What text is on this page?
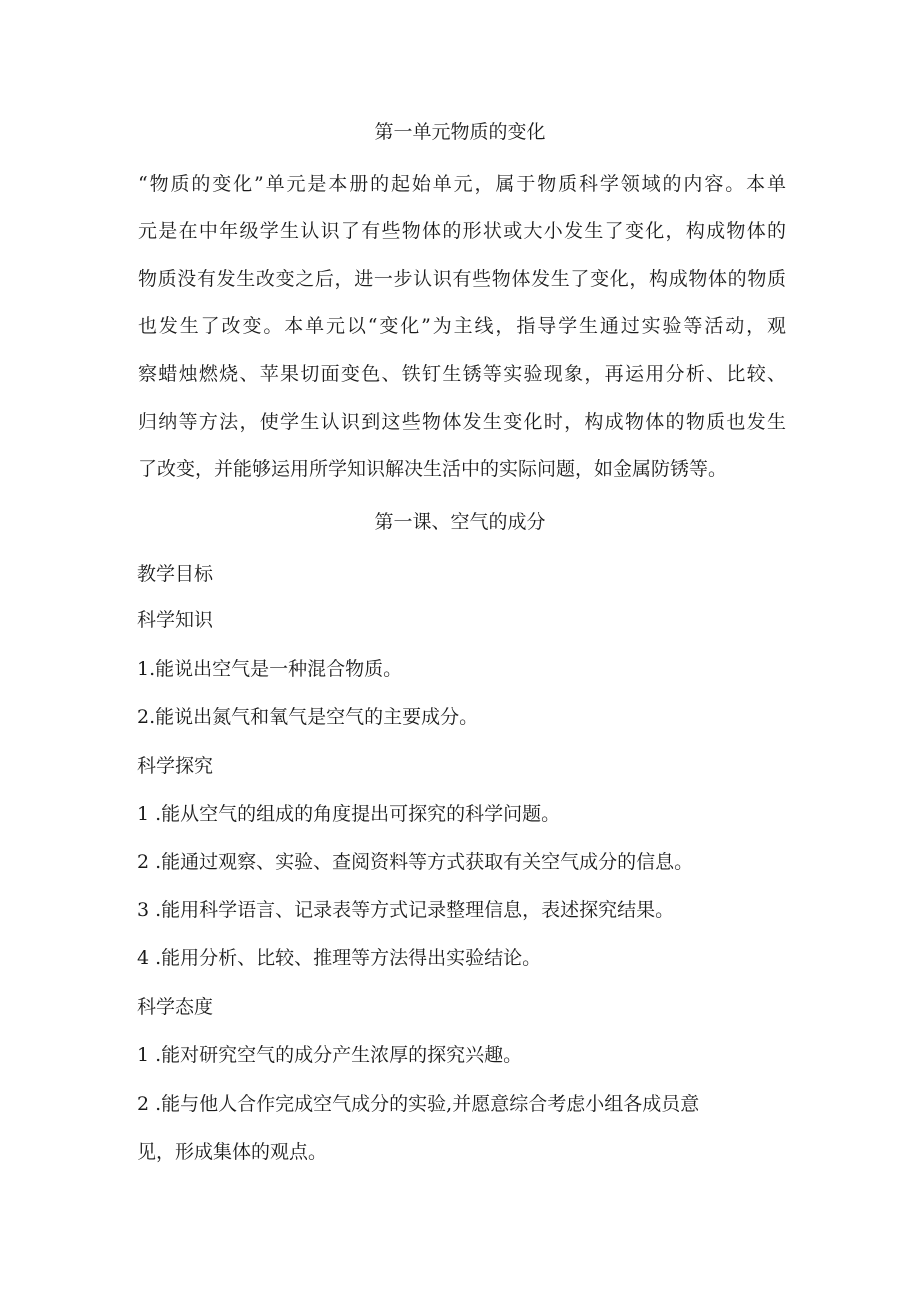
第一单元物质的变化

“物质的变化”单元是本册的起始单元，属于物质科学领域的内容。本单

元是在中年级学生认识了有些物体的形状或大小发生了变化，构成物体的

物质没有发生改变之后，进一步认识有些物体发生了变化，构成物体的物质

也发生了改变。本单元以“变化”为主线，指导学生通过实验等活动，观

察蜡烛燃烧、苹果切面变色、铁钉生锈等实验现象，再运用分析、比较、

归纳等方法，使学生认识到这些物体发生变化时，构成物体的物质也发生

了改变，并能够运用所学知识解决生活中的实际问题，如金属防锈等。

第一课、空气的成分
教学目标
科学知识

1.能说出空气是一种混合物质。

2.能说出氮气和氧气是空气的主要成分。

科学探究

1 .能从空气的组成的角度提出可探究的科学问题。

2 .能通过观察、实验、查阅资料等方式获取有关空气成分的信息。

3 .能用科学语言、记录表等方式记录整理信息，表述探究结果。

4 .能用分析、比较、推理等方法得出实验结论。

科学态度

1 .能对研究空气的成分产生浓厚的探究兴趣。

2 .能与他人合作完成空气成分的实验,并愿意综合考虑小组各成员意

见，形成集体的观点。
